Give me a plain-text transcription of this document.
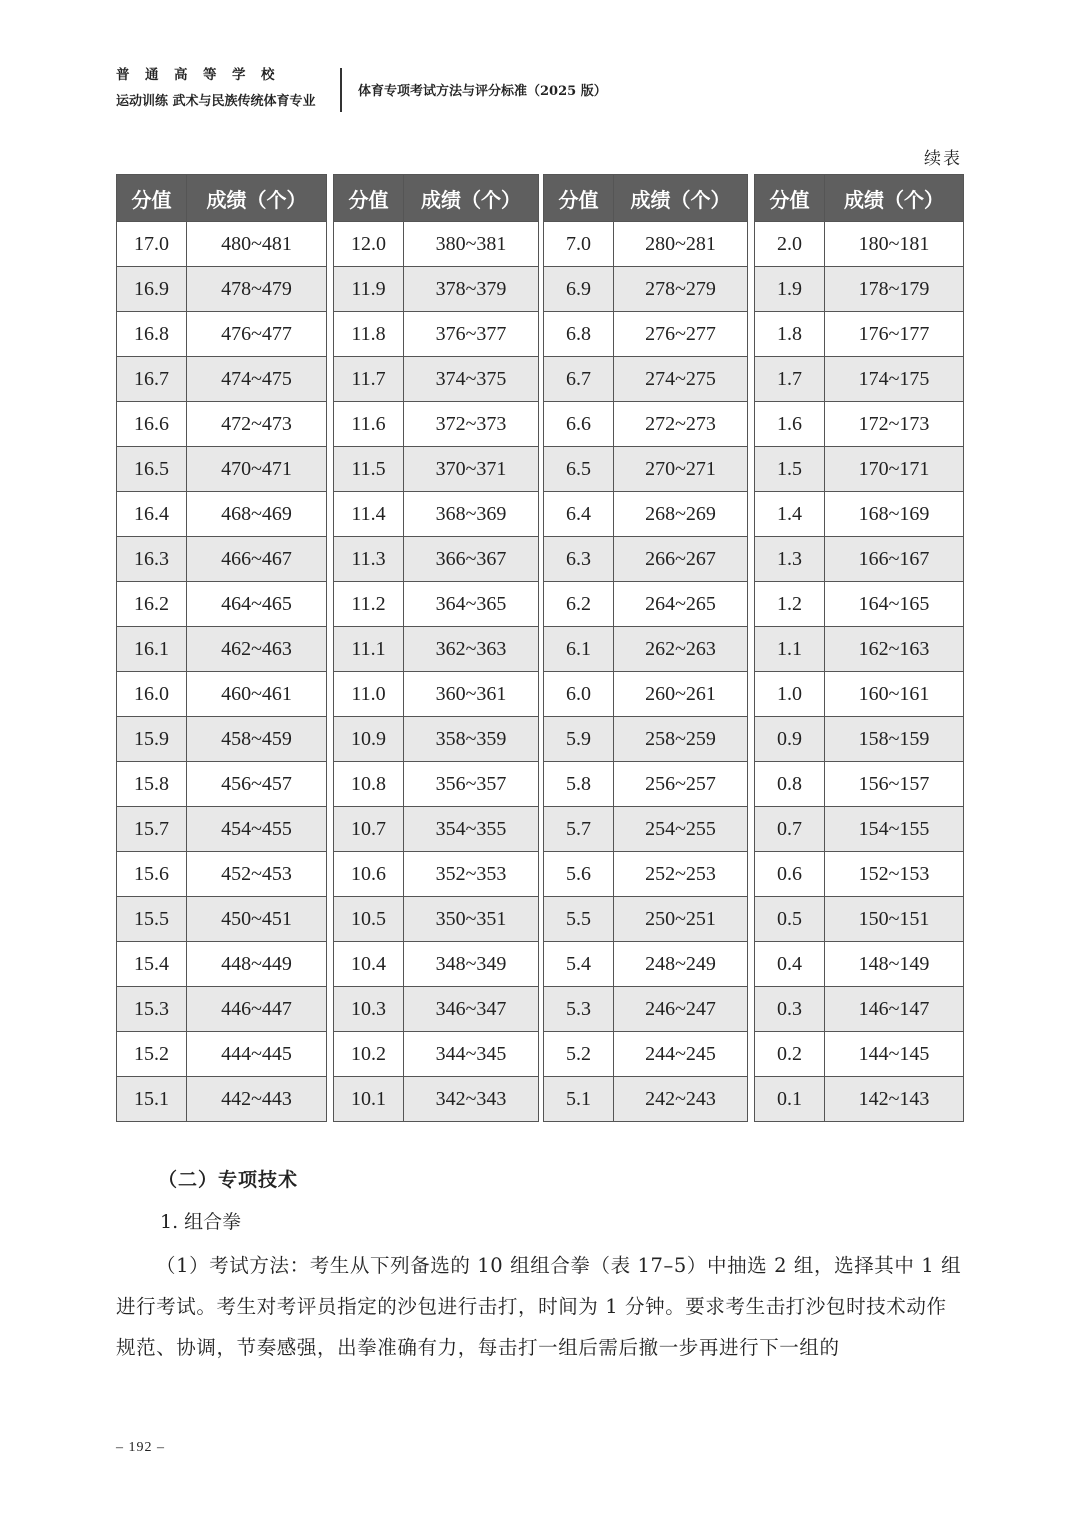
普通高等学校
运动训练 武术与民族传统体育专业
体育专项考试方法与评分标准（2025 版）
续表
分值	成绩（个）
17.0	480~481
16.9	478~479
16.8	476~477
16.7	474~475
16.6	472~473
16.5	470~471
16.4	468~469
16.3	466~467
16.2	464~465
16.1	462~463
16.0	460~461
15.9	458~459
15.8	456~457
15.7	454~455
15.6	452~453
15.5	450~451
15.4	448~449
15.3	446~447
15.2	444~445
15.1	442~443
分值	成绩（个）
12.0	380~381
11.9	378~379
11.8	376~377
11.7	374~375
11.6	372~373
11.5	370~371
11.4	368~369
11.3	366~367
11.2	364~365
11.1	362~363
11.0	360~361
10.9	358~359
10.8	356~357
10.7	354~355
10.6	352~353
10.5	350~351
10.4	348~349
10.3	346~347
10.2	344~345
10.1	342~343
分值	成绩（个）
7.0	280~281
6.9	278~279
6.8	276~277
6.7	274~275
6.6	272~273
6.5	270~271
6.4	268~269
6.3	266~267
6.2	264~265
6.1	262~263
6.0	260~261
5.9	258~259
5.8	256~257
5.7	254~255
5.6	252~253
5.5	250~251
5.4	248~249
5.3	246~247
5.2	244~245
5.1	242~243
分值	成绩（个）
2.0	180~181
1.9	178~179
1.8	176~177
1.7	174~175
1.6	172~173
1.5	170~171
1.4	168~169
1.3	166~167
1.2	164~165
1.1	162~163
1.0	160~161
0.9	158~159
0.8	156~157
0.7	154~155
0.6	152~153
0.5	150~151
0.4	148~149
0.3	146~147
0.2	144~145
0.1	142~143
（二）专项技术
1. 组合拳
（1）考试方法：考生从下列备选的 10 组组合拳（表 17–5）中抽选 2 组，选择其中 1 组进行考试。考生对考评员指定的沙包进行击打，时间为 1 分钟。要求考生击打沙包时技术动作规范、协调，节奏感强，出拳准确有力，每击打一组后需后撤一步再进行下一组的
– 192 –
